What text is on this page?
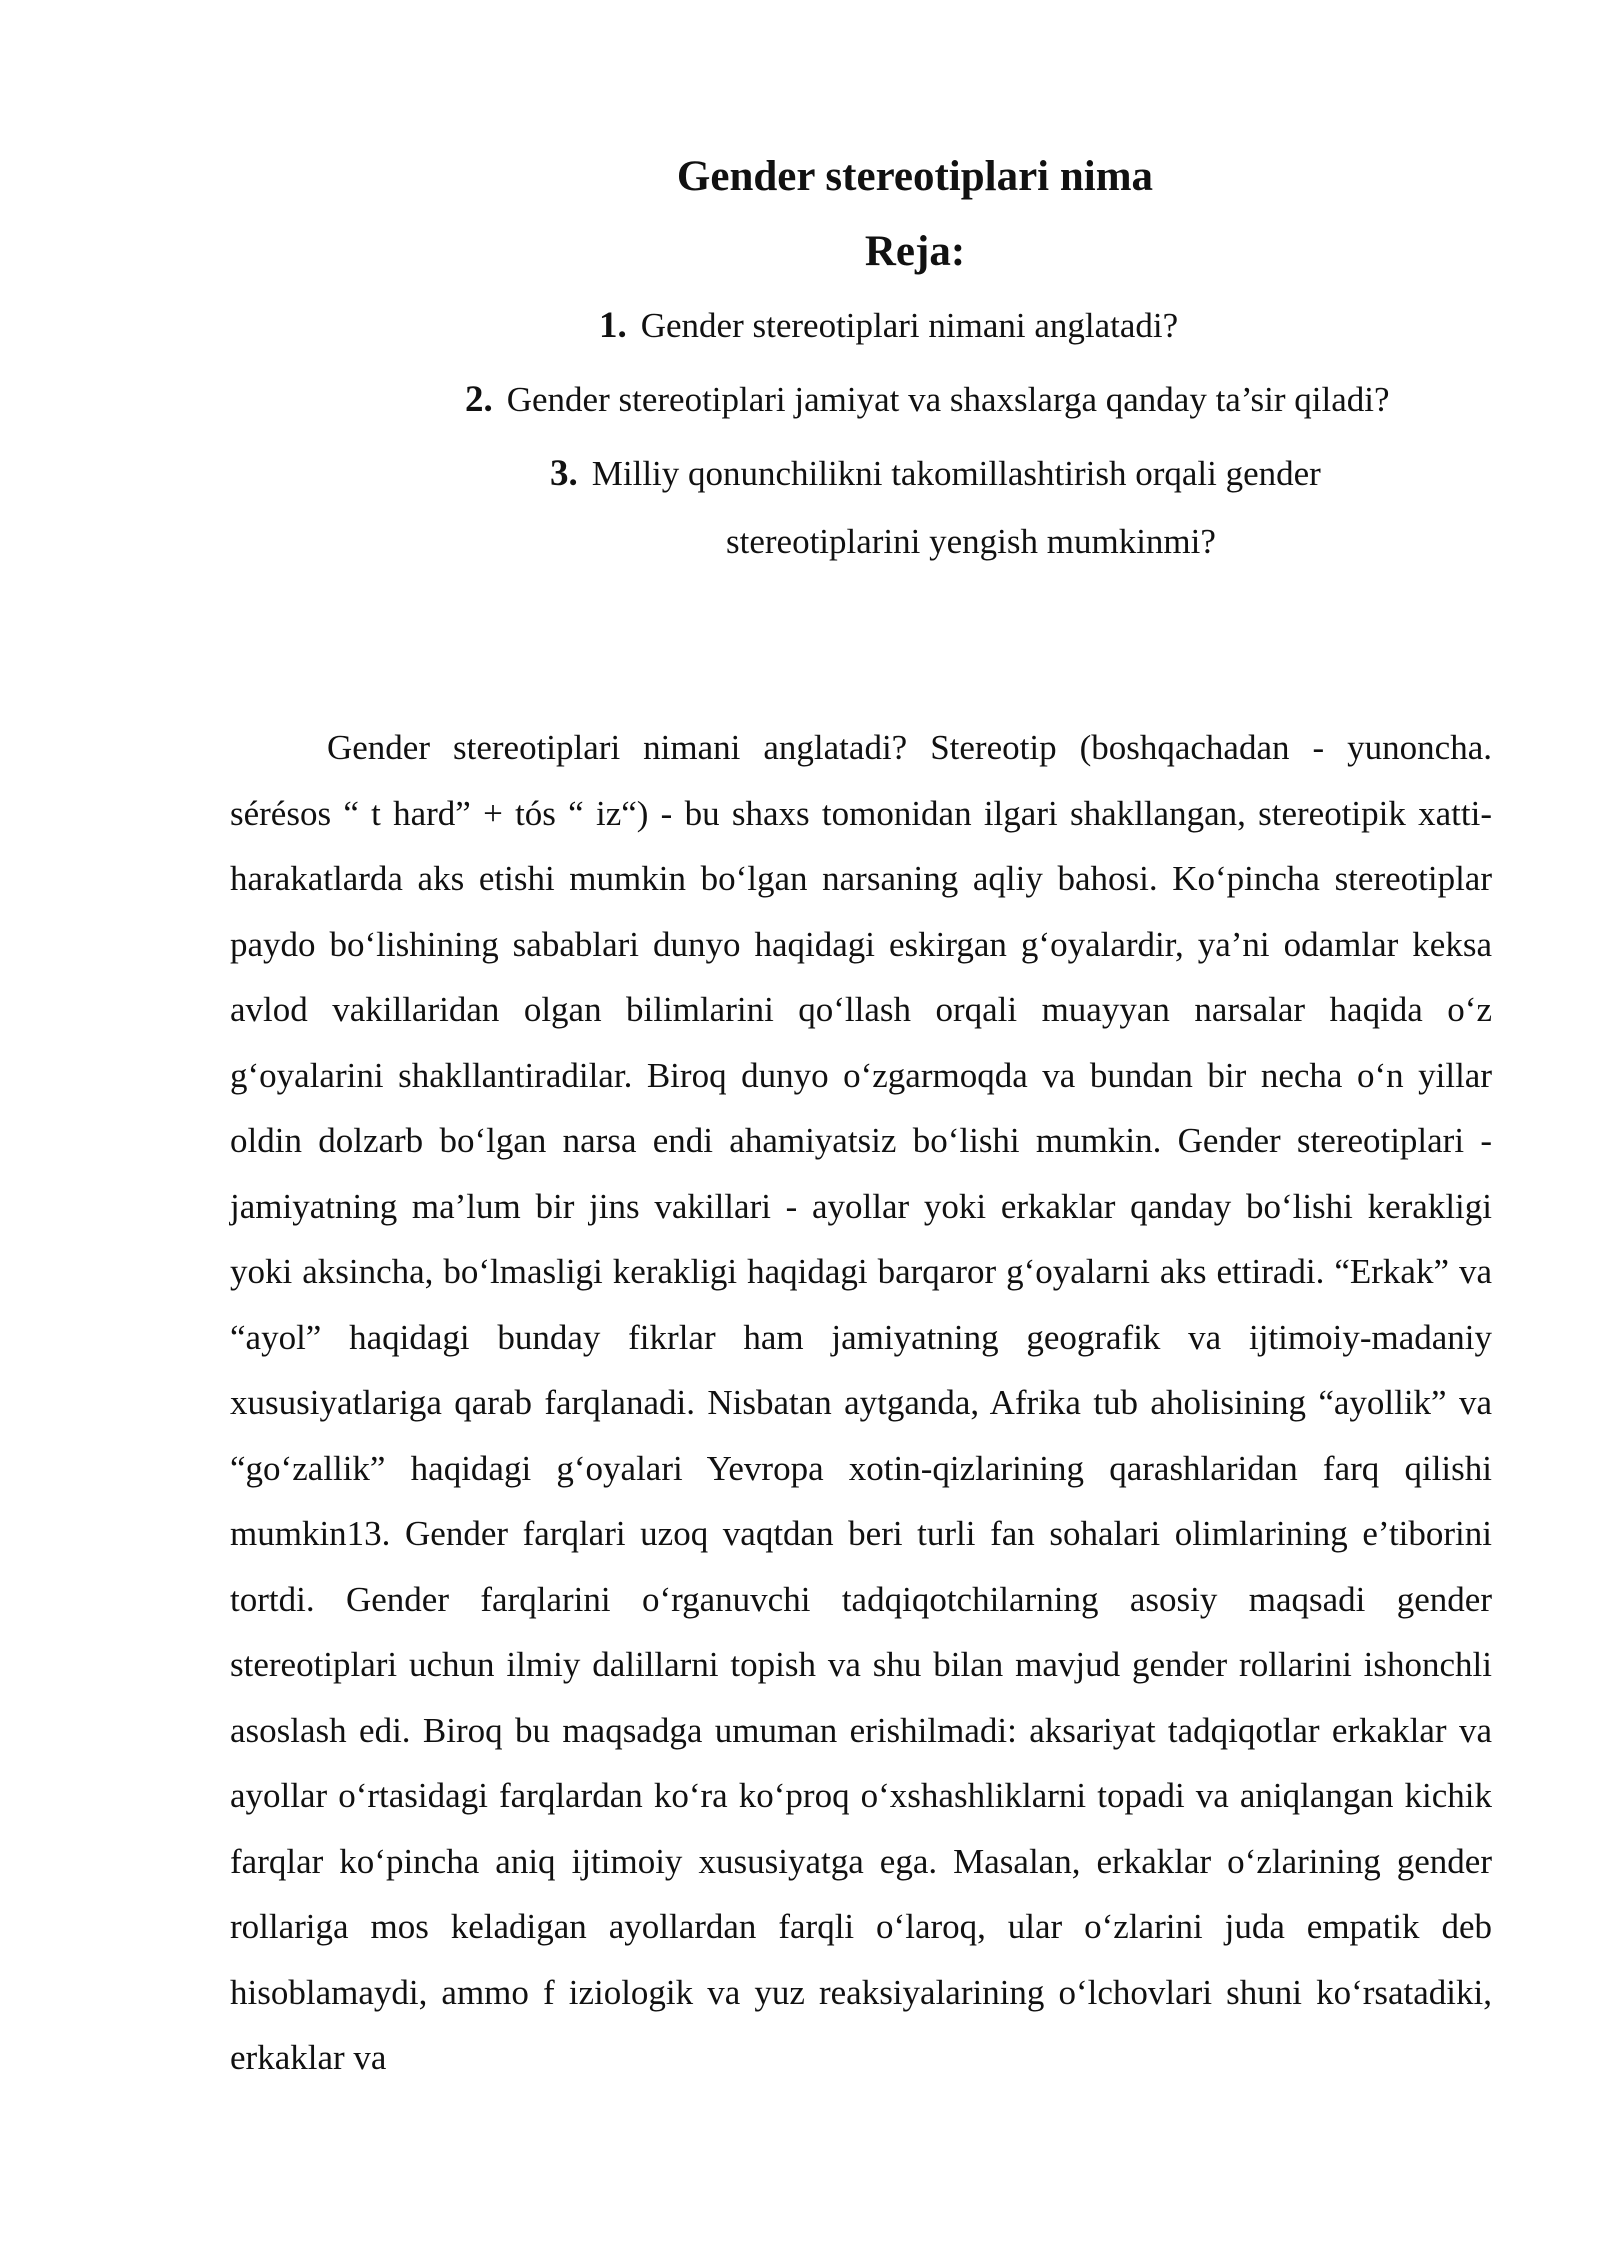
Gender stereotiplari nima
Reja:

1. Gender stereotiplari nimani anglatadi?

2. Gender stereotiplari jamiyat va shaxslarga qanday ta’sir qiladi?

3. Milliy qonunchilikni takomillashtirish orqali gender

stereotiplarini yengish mumkinmi?

Gender stereotiplari nimani anglatadi? Stereotip (boshqachadan - yunoncha. sérésos “ t hard” + tós “ iz“) - bu shaxs tomonidan ilgari shakllangan, stereotipik xatti-harakatlarda aks etishi mumkin boʻlgan narsaning aqliy bahosi. Koʻpincha stereotiplar paydo boʻlishining sabablari dunyo haqidagi eskirgan gʻoyalardir, ya’ni odamlar keksa avlod vakillaridan olgan bilimlarini qoʻllash orqali muayyan narsalar haqida oʻz gʻoyalarini shakllantiradilar. Biroq dunyo oʻzgarmoqda va bundan bir necha oʻn yillar oldin dolzarb boʻlgan narsa endi ahamiyatsiz boʻlishi mumkin. Gender stereotiplari - jamiyatning ma’lum bir jins vakillari - ayollar yoki erkaklar qanday boʻlishi kerakligi yoki aksincha, boʻlmasligi kerakligi haqidagi barqaror gʻoyalarni aks ettiradi. “Erkak” va “ayol” haqidagi bunday fikrlar ham jamiyatning geografik va ijtimoiy-madaniy xususiyatlariga qarab farqlanadi. Nisbatan aytganda, Afrika tub aholisining “ayollik” va “goʻzallik” haqidagi gʻoyalari Yevropa xotin-qizlarining qarashlaridan farq qilishi mumkin13. Gender farqlari uzoq vaqtdan beri turli fan sohalari olimlarining e’tiborini tortdi. Gender farqlarini oʻrganuvchi tadqiqotchilarning asosiy maqsadi gender stereotiplari uchun ilmiy dalillarni topish va shu bilan mavjud gender rollarini ishonchli asoslash edi. Biroq bu maqsadga umuman erishilmadi: aksariyat tadqiqotlar erkaklar va ayollar oʻrtasidagi farqlardan koʻra koʻproq oʻxshashliklarni topadi va aniqlangan kichik farqlar koʻpincha aniq ijtimoiy xususiyatga ega. Masalan, erkaklar oʻzlarining gender rollariga mos keladigan ayollardan farqli oʻlaroq, ular oʻzlarini juda empatik deb hisoblamaydi, ammo f iziologik va yuz reaksiyalarining oʻlchovlari shuni koʻrsatadiki, erkaklar va
